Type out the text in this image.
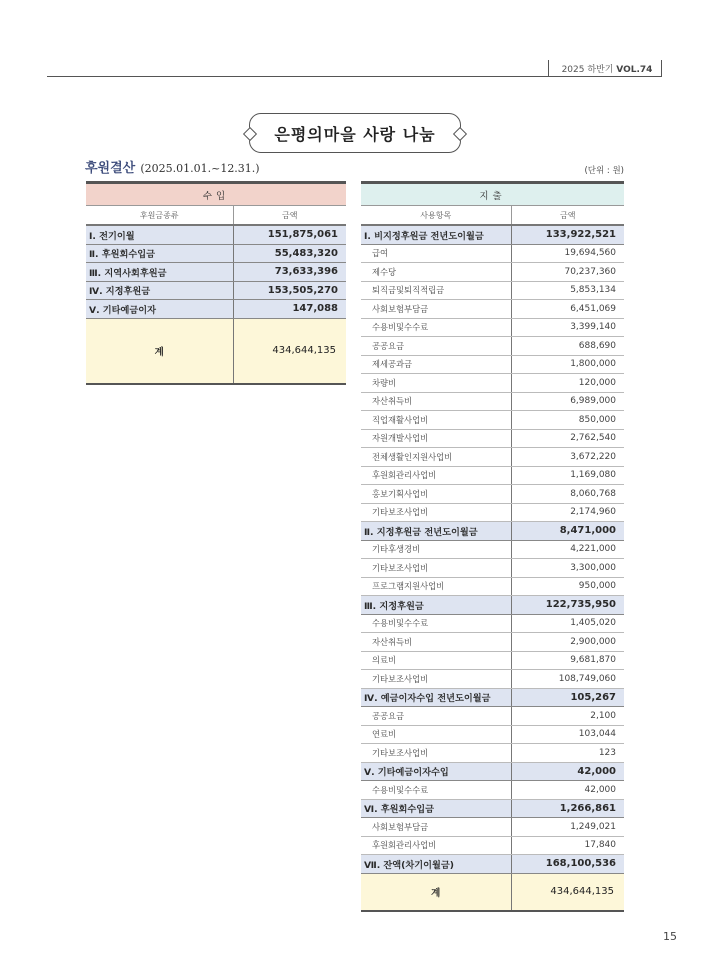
2025 하반기 VOL.74
은평의마을 사랑 나눔
후원결산 (2025.01.01.~12.31.)	(단위 : 원)

수입	
후원금종류	금액
Ⅰ. 전기이월	151,875,061
Ⅱ. 후원회수입금	55,483,320
Ⅲ. 지역사회후원금	73,633,396
Ⅳ. 지정후원금	153,505,270
Ⅴ. 기타예금이자	147,088
계	434,644,135

지출	
사용항목	금액
Ⅰ. 비지정후원금 전년도이월금	133,922,521
급여	19,694,560
제수당	70,237,360
퇴직금및퇴직적립금	5,853,134
사회보험부담금	6,451,069
수용비및수수료	3,399,140
공공요금	688,690
제세공과금	1,800,000
차량비	120,000
자산취득비	6,989,000
직업재활사업비	850,000
자원개발사업비	2,762,540
전체생활인지원사업비	3,672,220
후원회관리사업비	1,169,080
홍보기획사업비	8,060,768
기타보조사업비	2,174,960
Ⅱ. 지정후원금 전년도이월금	8,471,000
기타후생경비	4,221,000
기타보조사업비	3,300,000
프로그램지원사업비	950,000
Ⅲ. 지정후원금	122,735,950
수용비및수수료	1,405,020
자산취득비	2,900,000
의료비	9,681,870
기타보조사업비	108,749,060
Ⅳ. 예금이자수입 전년도이월금	105,267
공공요금	2,100
연료비	103,044
기타보조사업비	123
Ⅴ. 기타예금이자수입	42,000
수용비및수수료	42,000
Ⅵ. 후원회수입금	1,266,861
사회보험부담금	1,249,021
후원회관리사업비	17,840
Ⅶ. 잔액(차기이월금)	168,100,536
계	434,644,135
15
